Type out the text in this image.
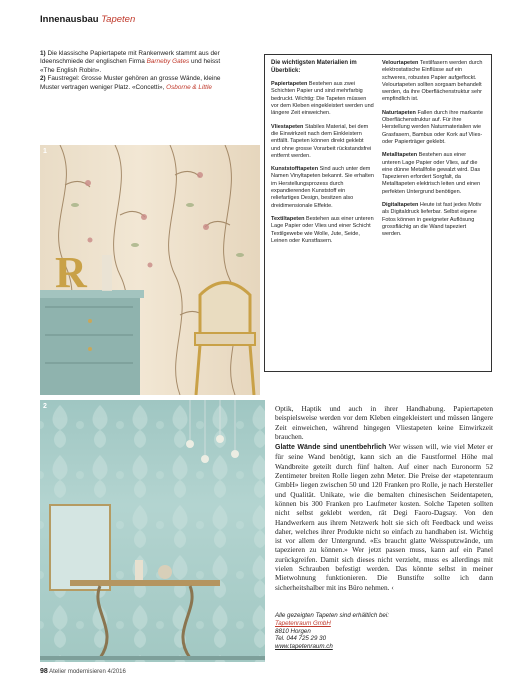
Innenausbau Tapeten
1) Die klassische Papiertapete mit Rankenwerk stammt aus der Ideenschmiede der englischen Firma Barneby Gates und heisst «The English Robin».
2) Faustregel: Grosse Muster gehören an grosse Wände, kleine Muster vertragen weniger Platz. «Concetti», Osborne & Little
R
1
Die wichtigsten Materialien im Überblick:
Papiertapeten Bestehen aus zwei Schichten Papier und sind mehrfarbig bedruckt. Wichtig: Die Tapeten müssen vor dem Kleben eingekleistert werden und längere Zeit einweichen.
Vliestapeten Stabiles Material, bei dem die Einwirkzeit nach dem Einkleistern entfällt. Tapeten können direkt geklebt und ohne grosse Vorarbeit rückstandsfrei entfernt werden.
Kunststofftapeten Sind auch unter dem Namen Vinyltapeten bekannt. Sie erhalten im Herstellungsprozess durch expandierenden Kunststoff ein reliefartiges Design, besitzen also dreidimensionale Effekte.
Textiltapeten Bestehen aus einer unteren Lage Papier oder Vlies und einer Schicht Textilgewebe wie Wolle, Jute, Seide, Leinen oder Kunstfasern.
Velourtapeten Textilfasern werden durch elektrostatische Einflüsse auf ein schweres, robustes Papier aufgeflockt. Velourtapeten sollten sorgsam behandelt werden, da ihre Oberflächenstruktur sehr empfindlich ist.
Naturtapeten Fallen durch ihre markante Oberflächenstruktur auf. Für ihre Herstellung werden Naturmaterialien wie Grasfasern, Bambus oder Kork auf Vlies- oder Papierträger geklebt.
Metalltapeten Bestehen aus einer unteren Lage Papier oder Vlies, auf die eine dünne Metallfolie gewalzt wird. Das Tapezieren erfordert Sorgfalt, da Metalltapeten elektrisch leiten und einen perfekten Untergrund benötigen.
Digitaltapeten Heute ist fast jedes Motiv als Digitaldruck lieferbar. Selbst eigene Fotos können in geeigneter Auflösung grossflächig an die Wand tapeziert werden.
2	Optik, Haptik und auch in ihrer Handhabung. Papiertapeten beispielsweise werden vor dem Kleben eingekleistert und müssen längere Zeit einweichen, während hingegen Vliestapeten keine Einwirkzeit brauchen.

Glatte Wände sind unentbehrlich Wer wissen will, wie viel Meter er für seine Wand benötigt, kann sich an die Faustformel Höhe mal Wandbreite geteilt durch fünf halten. Auf einer nach Euronorm 52 Zentimeter breiten Rolle liegen zehn Meter. Die Preise der «tapetenraum GmbH» liegen zwischen 50 und 120 Franken pro Rolle, je nach Hersteller und Qualität. Unikate, wie die bemalten chinesischen Seidentapeten, können bis 300 Franken pro Laufmeter kosten. Solche Tapeten sollten nicht selbst geklebt werden, rät Degi Faoro-Dagsay. Von den Handwerkern aus ihrem Netzwerk holt sie sich oft Feedback und weiss daher, welches ihrer Produkte nicht so einfach zu handhaben ist. Wichtig ist vor allem der Untergrund. «Es braucht glatte Weissputzwände, um tapezieren zu können.» Wer jetzt passen muss, kann auf ein Panel zurückgreifen. Damit sich dieses nicht verzieht, muss es allerdings mit vielen Schrauben befestigt werden. Das könnte selbst in meiner Mietwohnung funktionieren. Die Bunstifte sollte ich dann sicherheitshalber mit ins Büro nehmen. ‹

Alle gezeigten Tapeten sind erhältlich bei:
Tapetenraum GmbH
8810 Horgen
Tel. 044 725 29 30
www.tapetenraum.ch
98 Atelier modernisieren 4/2016
